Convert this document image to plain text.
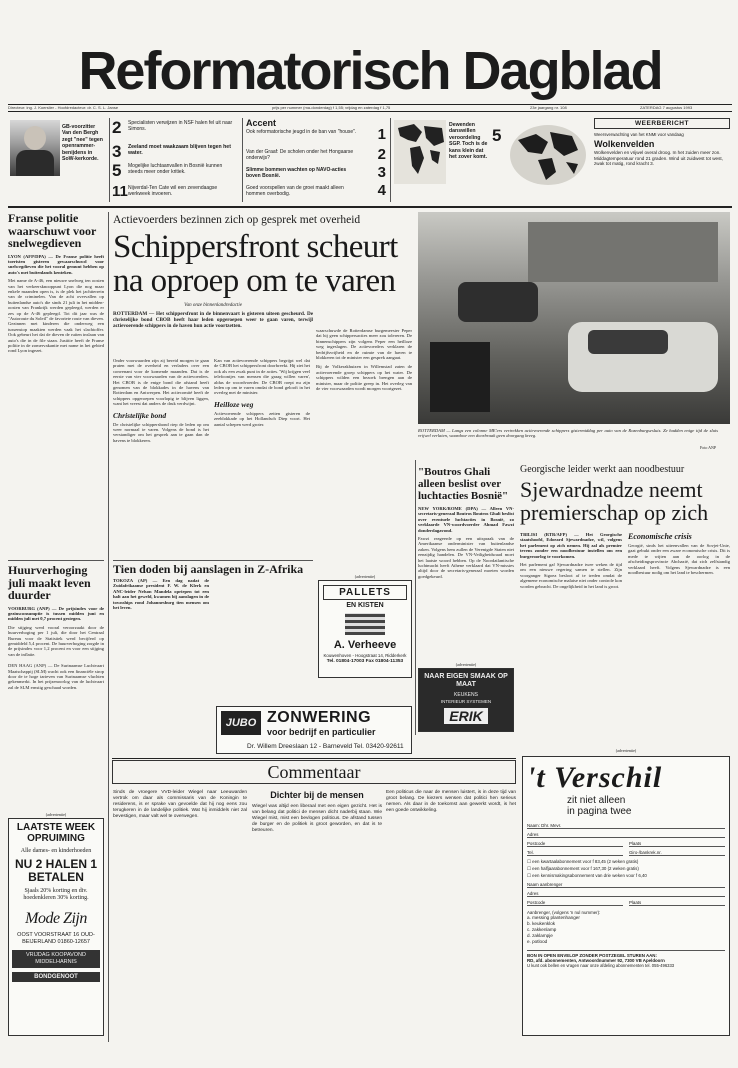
Reformatorisch Dagblad
Directeur: ing. J. Koerslier - Hoofdredacteur: dr. C. S. L. Janse	prijs per nummer (ma-donderdag) f 1,55; vrijdag en zaterdag f 1,75	23e jaargang nr. 108	ZATERDAG 7 augustus 1993
GB-voorzitter Van den Bergh zegt "nee" tegen openrammer-benijdens in SoW-kerkorde.
2 Specialisten verwijzen in NSF halen fel uit naar Simons.
3 Zeeland moet waakzaam blijven tegen het water.
5 Mogelijke luchtaanvallen in Bosnië kunnen steeds meer onder kritiek.
11 Nijverdal-Ten Cate wil een zevendaagse werkweek invoeren.
Accent
Ook reformatorische jeugd in de ban van "house". 1
Van der Graaf: De scholen onder het Hongaarse onderwijs?	2
Slimme bommen wachten op NAVO-acties boven Bosnië.	3
Goed voorspellen van de groei maakt alleen hommen overbodig.	4
Dewenden danswillen veroordeling SGP. Toch is de kans klein dat het zover komt.
5
WEERBERICHT
Weersverwachting van het KNMI voor vandaag
Wolkenvelden
Wolkenvelden en vrijwel overal droog. In het zuiden meer zon. Middagtemperatuur rond 21 graden. Wind uit zuidwest tot west, zwak tot matig, rond kracht 3.
Franse politie waarschuwt voor snelwegdieven
LYON (AFP/DPA) — De Franse politie heeft toeristen gisteren gewaarschuwd voor snelwegdieven die het vooral gemunt hebben op auto's met buitenlands kenteken.
Met name de A-46, een nieuwe snelweg ten oosten van het verkeersknooppunt Lyon die nog maar enkele maanden open is, is de plek het jachtterrein van de criminelen. Van de acht overvallen op buitenlandse auto's die sinds 21 juli in het midden-oosten van Frankrijk werden gepleegd, werden er zes op de A-46 gepleegd. Tot dit jaar was de "Autoroute du Soleil" de favoriete route van dieven. Gezinnen met kinderen die onderweg een tussenstop maakten werden vaak het slachtoffer. Ook gebeurt het dat de dieven de ruiten inslaan van auto's die in de file staan. Justitie heeft de Franse politie in de zomervakantie met name in het gebied rond Lyon ingezet.
Huurverhoging juli maakt leven duurder
VOORBURG (ANP) — De prijsindex voor de gezinsconsumptie is tussen midden juni en midden juli met 0,7 procent gestegen.
Die stijging werd vooral veroorzaakt door de huurverhoging per 1 juli, die door het Centraal Bureau voor de Statistiek werd becijferd op gemiddeld 5,4 procent. De huurverhoging zorgde in de prijsindex voor 1,2 procent en voor een stijging van de inflatie.
DEN HAAG (ANP) — De Surinaamse Luchtvaart Maatschappij (SLM) wacht ook een financiële strop door de te hoge tarieven van Surinaamse vluchten gekenmerkt. In het prijzenoorlog van de luchtvaart zal de SLM ernstig geschaad worden.
(advertentie)
LAATSTE WEEK OPRUIMING
Alle dames- en kinderhoeden
NU 2 HALEN 1 BETALEN
Sjaals 20% korting en div. hoedenkleren 30% korting.
Mode Zijn
OOST VOORSTRAAT 16 OUD-BEIJERLAND 01860-12657
VRIJDAG KOOPAVOND MIDDELHARNIS
BONDGENOOT
Actievoerders bezinnen zich op gesprek met overheid
Schippersfront scheurt na oproep om te varen
Van onze binnenlandredactie
ROTTERDAM — Het schippersfront in de binnenvaart is gisteren uiteen gescheurd. De christelijke bond CBOB heeft haar leden opgeroepen weer te gaan varen, terwijl actievoerende schippers in de haven hun actie voortzetten.
Onder voorwaarden zijn zij bereid morgen te gaan praten met de overheid en verladers over een convenant voor de komende maanden. Dat is de eerste van vier voorwaarden van de actievoerders. Het CBOB is de enige bond die afstand heeft genomen van de blokkades in de havens van Rotterdam en Antwerpen. Het actiecomité heeft de schippers opgeroepen voorlopig te blijven liggen, want het vreest dat anders de druk verdwijnt.
Christelijke bond
De christelijke schippersbond riep de leden op om weer normaal te varen. Volgens de bond is het verstandiger om het gesprek aan te gaan dan de havens te blokkeren.
Kan van actievoerende schippers begrijpt wel dat de CBOB het schippersfront doorbreekt. Hij ziet het ook als een zwak punt in de acties. 'Wij krijgen veel telefoontjes van mensen die graag willen varen', aldus de woordvoerder. De CBOB roept nu zijn leden op om te varen omdat de bond gelooft in het overleg met de minister.
Heilloze weg
Actievoerende schippers zetten gisteren de zeeblokkade op het Hollandsch Diep voort. Het aantal schepen werd groter.
waarschuwde de Rotterdamse burgemeester Peper dat hij geen schippersacties meer zou tolereren. De binnenschippers zijn volgens Peper een heilloze weg ingeslagen. De actievoerders verklaren de bedrijfsvrijheid en de ruimte van de haven te blokkeren tot de minister een gesprek aangaat.
Bij de Volkerakhuizen in Willemstad zaten de actievoerende groep schippers op het water. De schippers wilden een bezoek brengen aan de minister, maar de politie greep in. Het overleg van de vier voorwaarden wordt morgen voortgezet.
ROTTERDAM — Langs een colonne ME'ers vertrekken actievoerende schippers gistermiddag per auto van de Rozenburgsesluis. Ze hadden enige tijd de sluis vrijwel verlaten, waardoor een doorbraak geen doorgang kreeg.
Foto ANP
"Boutros Ghali alleen beslist over luchtacties Bosnië"
NEW YORK/ROME (DPA) — Alleen VN-secretaris-generaal Boutros Boutros Ghali beslist over eventuele luchtacties in Bosnië, zo verklaarde VN-woordvoerder Ahmad Fawzi donderdagavond.
Fawzi reageerde op een uitspraak van de Amerikaanse onderminister van buitenlandse zaken. Volgens hem zullen de Verenigde Staten niet eenzijdig handelen. De VN-Veiligheidsraad moet het laatste woord hebben. Op de Noordatlantische luchtmacht heeft Athene verklaard dat VN-missies altijd door de secretaris-generaal moeten worden goedgekeurd.
Georgische leider werkt aan noodbestuur
Sjewardnadze neemt premierschap op zich
TBILISI (RTR/AFP) — Het Georgische staatshoofd, Edoeard Sjewardnadze, wil, volgens het parlement op zich nemen. Hij zal als premier tevens zonder een noodbestuur instellen om een burgeroorlog te voorkomen.
Het parlement gaf Sjewardnadze twee weken de tijd om een nieuwe regering samen te stellen. Zijn voorganger Sigoea besloot af te treden omdat de algemene economische malaise niet onder controle kon worden gebracht. De ongelijkheid in het land is groot.
Economische crisis
Georgië, sinds het uiteenvallen van de Sovjet-Unie, gaat gebukt onder een zware economische crisis. Dit is mede te wijten aan de oorlog in de afscheidingsprovincie Abchazië, dat zich zelfstandig verklaard heeft. Volgens Sjewardnadze is een noodbestuur nodig om het land te beschermen.
(advertentie)
PALLETS
EN KISTEN
A. Verheeve
Kouwenhoven - Hoogstraat 14, Ridderkerk
Tel. 01804-17003 Fax 01804-11353
(advertentie)
NAAR EIGEN SMAAK OP MAAT
KEUKENS
INTERIEUR SYSTEMEN
ERIK
Tien doden bij aanslagen in Z-Afrika
TOKOZA (AP) — Een dag nadat de Zuidafrikaanse president F. W. de Klerk en ANC-leider Nelson Mandela opriepen tot een halt aan het geweld, kwamen bij aanslagen in de townships rond Johannesburg tien mensen om het leven.
JUBO ZONWERING
voor bedrijf en particulier
Dr. Willem Dreeslaan 12 - Barneveld Tel. 03420-92611
Commentaar
Sinds de vroegere VVD-leider Wiegel naar Leeuwarden vertrok om daar als commissaris van de Koningin te residerens, is er sprake van gevoelde dat hij nog eens zou terugkeren in de landelijke politiek. Wat hij inmiddels niet zal bevestigen, maar valt wel te overwegen.
Dichter bij de mensen
Wiegel was altijd een liberaal met een eigen gezicht. Het is van belang dat politici de mensen dicht naderbij staan. Wie Wiegel mist, mist een bevlogen politicus. De afstand tussen de burger en de politiek is groot geworden, en dat is te betreuren.
Een politicus die naar de mensen luistert, is in deze tijd van groot belang. De kiezers wensen dat politici hen serieus nemen. Als daar in de toekomst aan gewerkt wordt, is het een goede ontwikkeling.
(advertentie)
't Verschil
zit niet alleen
in pagina twee
Naam: Dhr. Mevr.
Adres
Postcode	Plaats
Tel.	Giro-/bankrek.nr.
☐ een kwartaalabonnement voor f 83,45 (2 weken gratis)
☐ een halfjaarabonnement voor f 167,30 (2 weken gratis)
☐ een kennismakingsabonnement van drie weken voor f 6,40
Naam aanbrenger
Adres
Postcode	Plaats
Aanbrenger, (volgens 'n nul nummer):
a. messing plantenhanger
b. keukenklok
c. zakkenlamp
d. zaklampje
e. potlood
BON IN OPEN ENVELOP ZONDER POSTZEGEL STUREN AAN:
RD, afd. abonnementen, Antwoordnummer 92, 7300 VB Apeldoorn
U kunt ook bellen en vragen naar onze afdeling abonnementen tel. 055-496333
